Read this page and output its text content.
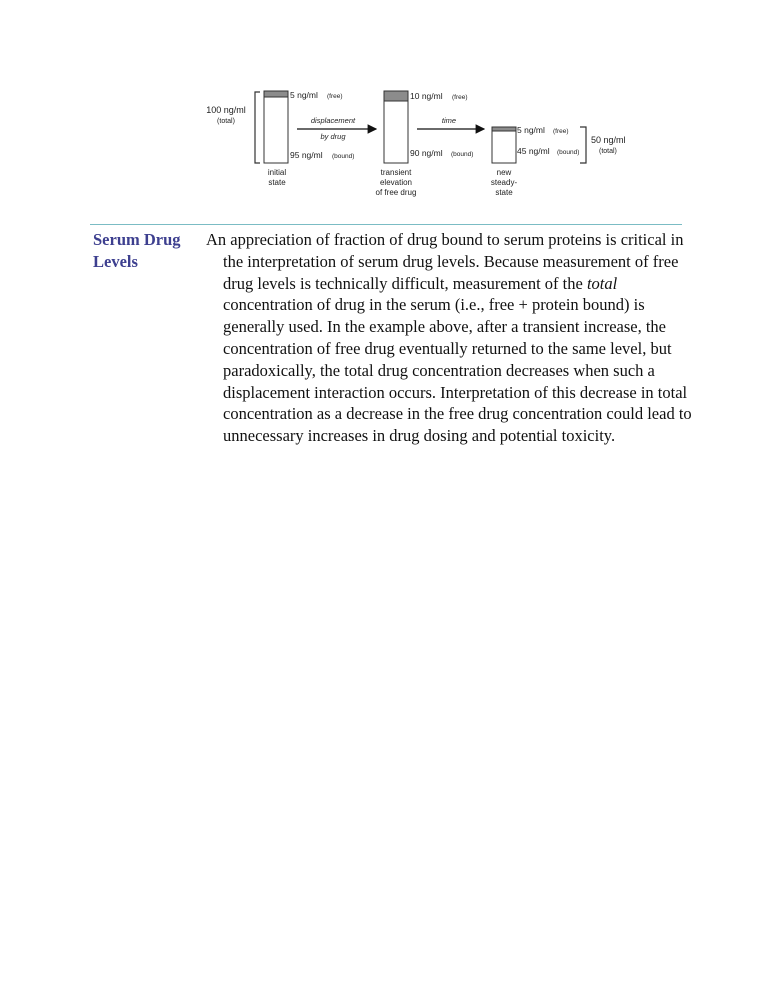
100 ng/ml
(total)
5 ng/ml (free)
95 ng/ml (bound)
initial
state
displacement
by drug
10 ng/ml (free)
90 ng/ml (bound)
transient
elevation
of free drug
time
5 ng/ml (free)
45 ng/ml (bound)
new
steady-
state
50 ng/ml
(total)
Serum Drug
Levels
An appreciation of fraction of drug bound to serum proteins is critical in the interpretation of serum drug levels. Because measurement of free drug levels is technically difficult, measurement of the total concentration of drug in the serum (i.e., free + protein bound) is generally used. In the example above, after a transient increase, the concentration of free drug eventually returned to the same level, but paradoxically, the total drug concentration decreases when such a displacement interaction occurs. Interpretation of this decrease in total concentration as a decrease in the free drug concentration could lead to unnecessary increases in drug dosing and potential toxicity.
